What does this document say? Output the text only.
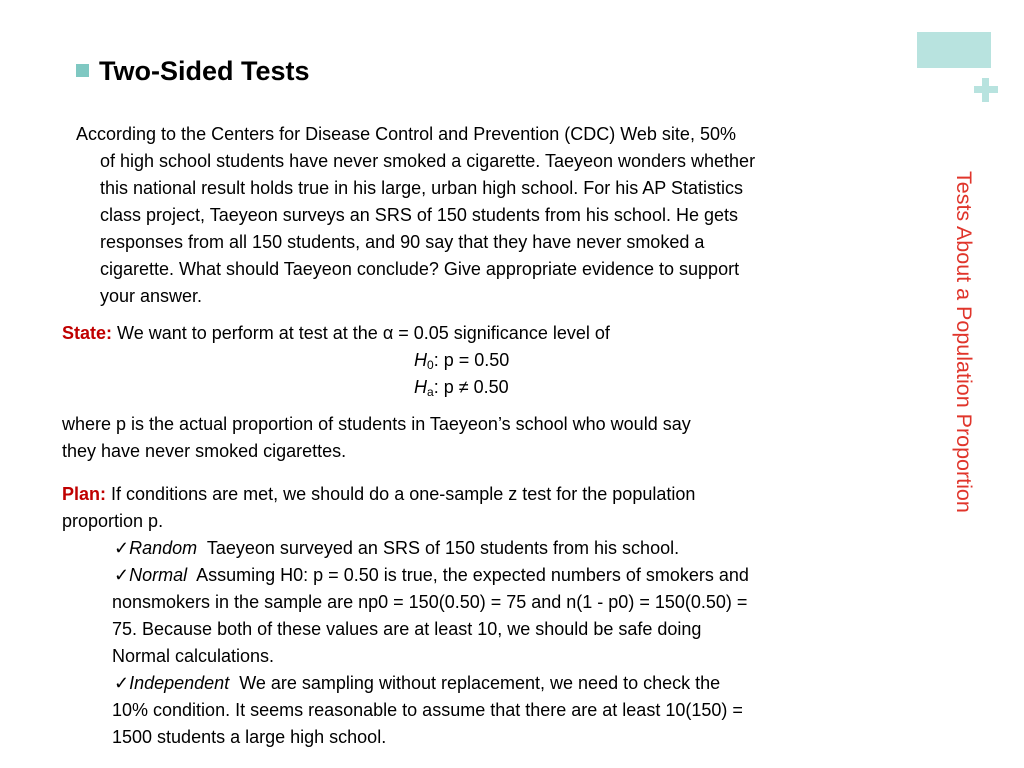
Tests About a Population Proportion
Two-Sided Tests
According to the Centers for Disease Control and Prevention (CDC) Web site, 50%
of high school students have never smoked a cigarette. Taeyeon wonders whether
this national result holds true in his large, urban high school. For his AP Statistics
class project, Taeyeon surveys an SRS of 150 students from his school. He gets
responses from all 150 students, and 90 say that they have never smoked a
cigarette. What should Taeyeon conclude? Give appropriate evidence to support
your answer.
State: We want to perform at test at the α = 0.05 significance level of
$H_0$: p = 0.50
$H_a$: p ≠ 0.50
where p is the actual proportion of students in Taeyeon’s school who would say
they have never smoked cigarettes.
Plan: If conditions are met, we should do a one-sample z test for the population
proportion p.
✓Random Taeyeon surveyed an SRS of 150 students from his school.
✓Normal Assuming H0: p = 0.50 is true, the expected numbers of smokers and
nonsmokers in the sample are np0 = 150(0.50) = 75 and n(1 - p0) = 150(0.50) =
75. Because both of these values are at least 10, we should be safe doing
Normal calculations.
✓Independent We are sampling without replacement, we need to check the
10% condition. It seems reasonable to assume that there are at least 10(150) =
1500 students a large high school.
